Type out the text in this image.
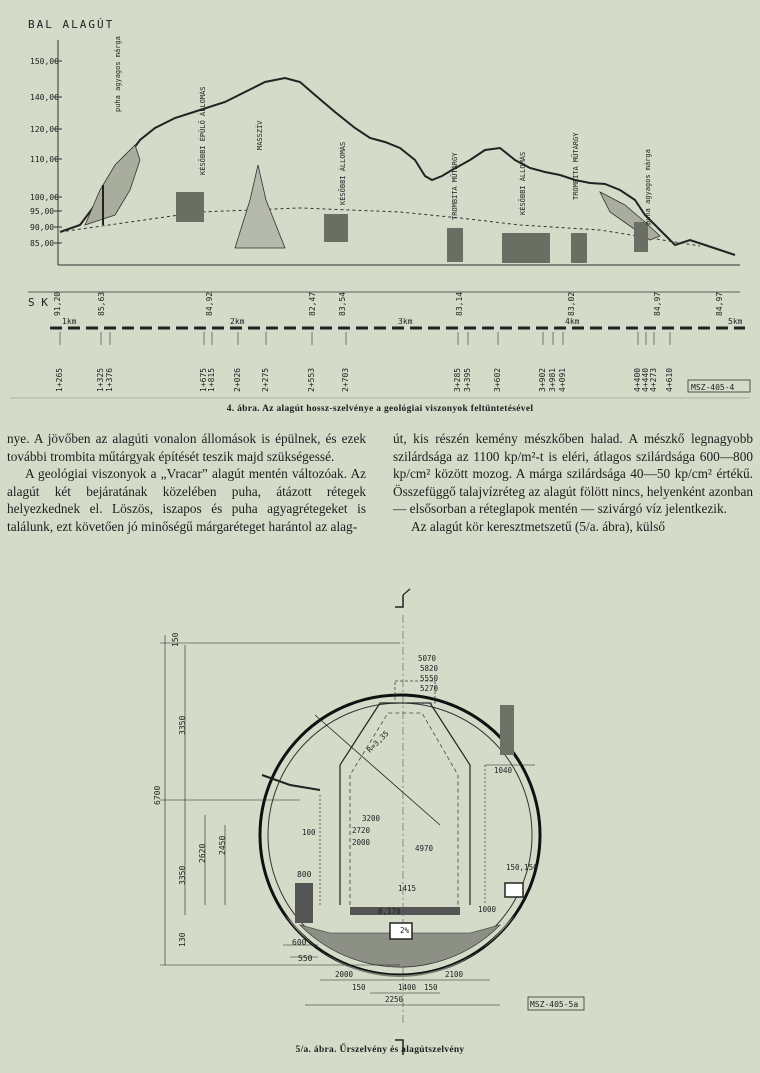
BAL ALAGÚT
150,00
140,00
120,00
110,00
100,00
95,00
90,00
85,00
KÉSŐBBI ÉPÜLŐ ÁLLOMÁS	KÉSŐBBI ÁLLOMÁS	TROMBITA MŰTÁRGY	KÉSŐBBI ÁLLOMÁS	TROMBITA MŰTÁRGY
MASSZÍV
puha agyagos márga
puha agyagos márga
S K 91,20	85,63	84,92	82,47	83,54	83,14	83,02	84,97	84,97
1km	2km	3km	4km	5km
1+265	1+325 1+376	1+675 1+815 2+026 2+275	2+553	2+703	3+285 3+395	3+602	3+902 3+981 4+091	4+400 4+440 4+273 4+610 MSZ-405-4
4. ábra. Az alagút hossz-szelvénye a geológiai viszonyok feltüntetésével

nye. A jövőben az alagúti vonalon állomások is épülnek, és ezek további trombita műtárgyak építését teszik majd szükségessé.

A geológiai viszonyok a „Vracar” alagút mentén változóak. Az alagút két bejáratának közelében puha, átázott rétegek helyezkednek el. Löszös, iszapos és puha agyagrétegeket is találunk, ezt követően jó minőségű márgaréteget harántol az alag-

út, kis részén kemény mészkőben halad. A mészkő legnagyobb szilárdsága az 1100 kp/m²-t is eléri, átlagos szilárdsága 600—800 kp/cm² között mozog. A márga szilárdsága 40—50 kp/cm² értékű. Összefüggő talajvízréteg az alagút fölött nincs, helyenként azonban — elsősorban a réteglapok mentén — szivárgó víz jelentkezik.

Az alagút kör keresztmetszetű (5/a. ábra), külső

150
3350
6700
3350
2620 2450
130
800
600
550
5070
5820
5550
5270
R=3,35
3200
2720
2000
4970
1415
1040
100
150,150
1000
2000	2100
150	1400 150
2250
0,170
2%
MSZ-405-5a
5/a. ábra. Űrszelvény és alagútszelvény
